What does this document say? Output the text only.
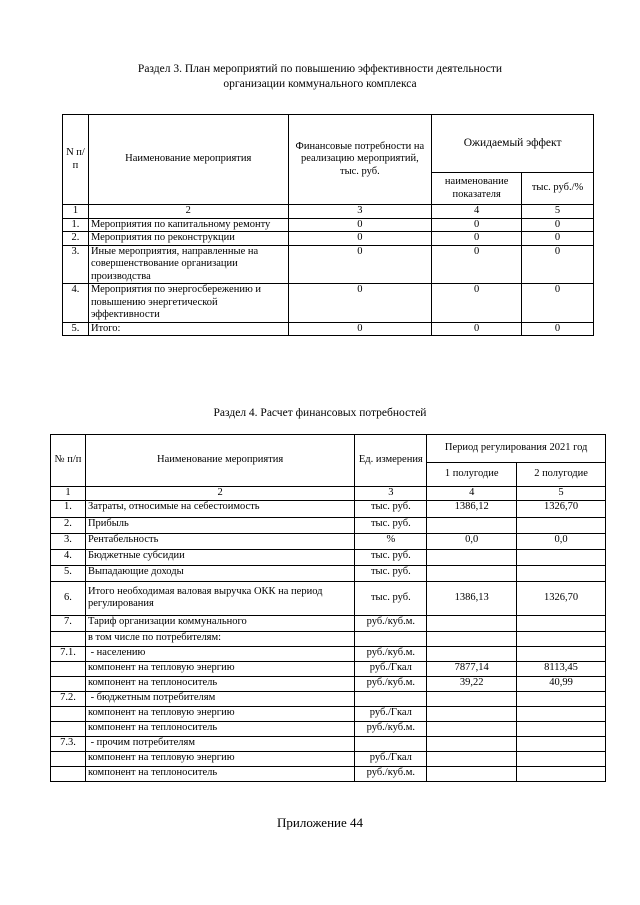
Раздел 3. План мероприятий по повышению эффективности деятельности
организации коммунального комплекса
N п/ п	Наименование мероприятия	Финансовые потребности на реализацию мероприятий, тыс. руб.	Ожидаемый эффект	
			наименование показателя	тыс. руб./%
1	2	3	4	5
1.	Мероприятия по капитальному ремонту	0	0	0
2.	Мероприятия по реконструкции	0	0	0
3.	Иные мероприятия, направленные на совершенствование организации производства	0	0	0
4.	Мероприятия по энергосбережению и повышению энергетической эффективности	0	0	0
5.	Итого:	0	0	0
Раздел 4. Расчет финансовых потребностей
№ п/п	Наименование мероприятия	Ед. измерения	Период регулирования 2021 год	
			1 полугодие	2 полугодие
1	2	3	4	5
1.	Затраты, относимые на себестоимость	тыс. руб.	1386,12	1326,70
2.	Прибыль	тыс. руб.		
3.	Рентабельность	%	0,0	0,0
4.	Бюджетные субсидии	тыс. руб.		
5.	Выпадающие доходы	тыс. руб.		
6.	Итого необходимая валовая выручка ОКК на период регулирования	тыс. руб.	1386,13	1326,70
7.	Тариф организации коммунального	руб./куб.м.		
	в том числе по потребителям:			
7.1.	- населению	руб./куб.м.		
	компонент на тепловую энергию	руб./Гкал	7877,14	8113,45
	компонент на теплоноситель	руб./куб.м.	39,22	40,99
7.2.	- бюджетным потребителям			
	компонент на тепловую энергию	руб./Гкал		
	компонент на теплоноситель	руб./куб.м.		
7.3.	- прочим потребителям			
	компонент на тепловую энергию	руб./Гкал		
	компонент на теплоноситель	руб./куб.м.		
Приложение 44
